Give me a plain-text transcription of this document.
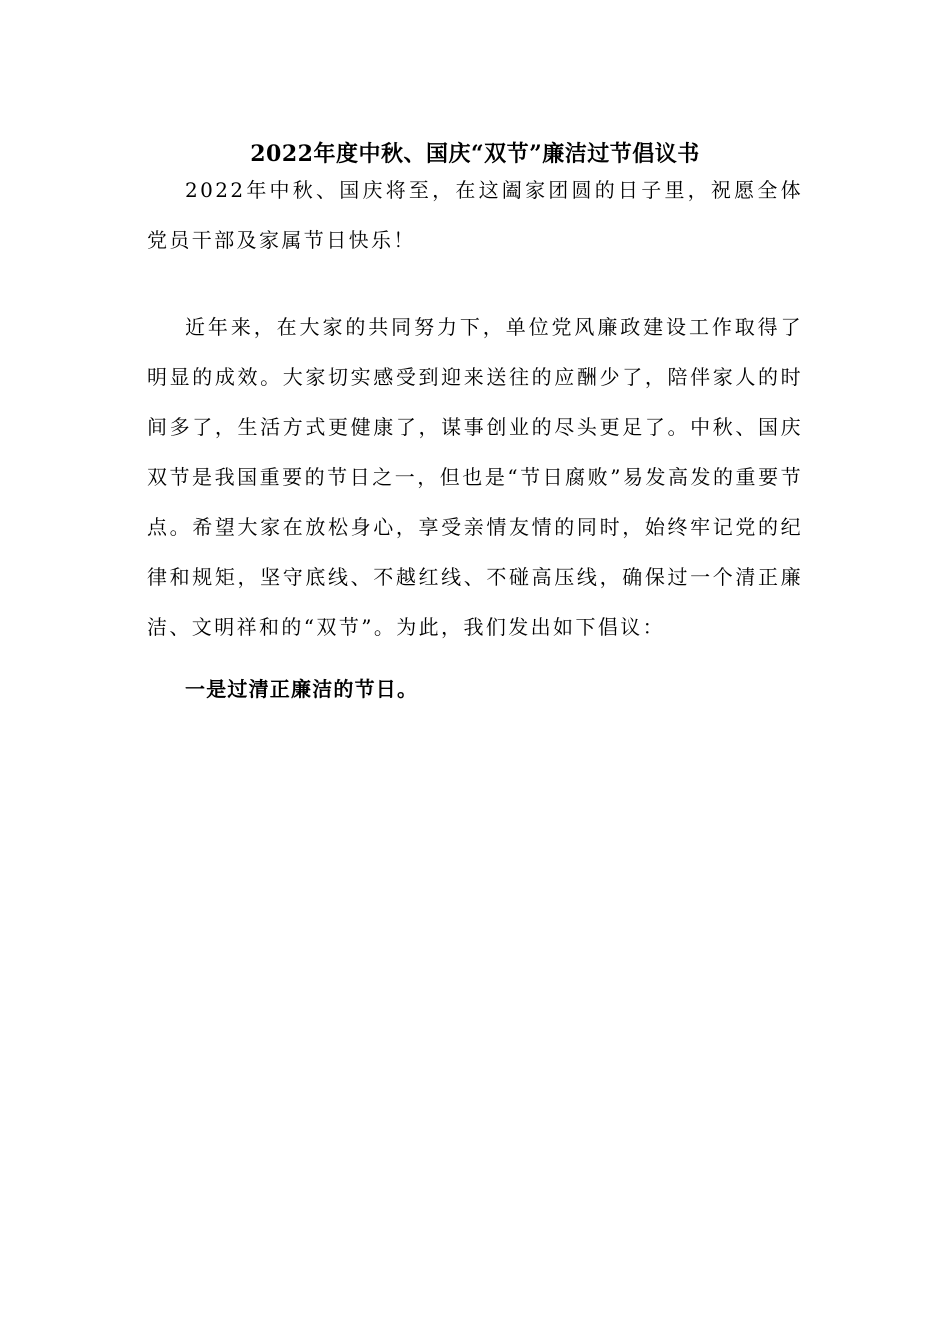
2022年度中秋、国庆“双节”廉洁过节倡议书

2022年中秋、国庆将至，在这阖家团圆的日子里，祝愿全体党员干部及家属节日快乐！

近年来，在大家的共同努力下，单位党风廉政建设工作取得了明显的成效。大家切实感受到迎来送往的应酬少了，陪伴家人的时间多了，生活方式更健康了，谋事创业的尽头更足了。中秋、国庆双节是我国重要的节日之一，但也是“节日腐败”易发高发的重要节点。希望大家在放松身心，享受亲情友情的同时，始终牢记党的纪律和规矩，坚守底线、不越红线、不碰高压线，确保过一个清正廉洁、文明祥和的“双节”。为此，我们发出如下倡议：

一是过清正廉洁的节日。
